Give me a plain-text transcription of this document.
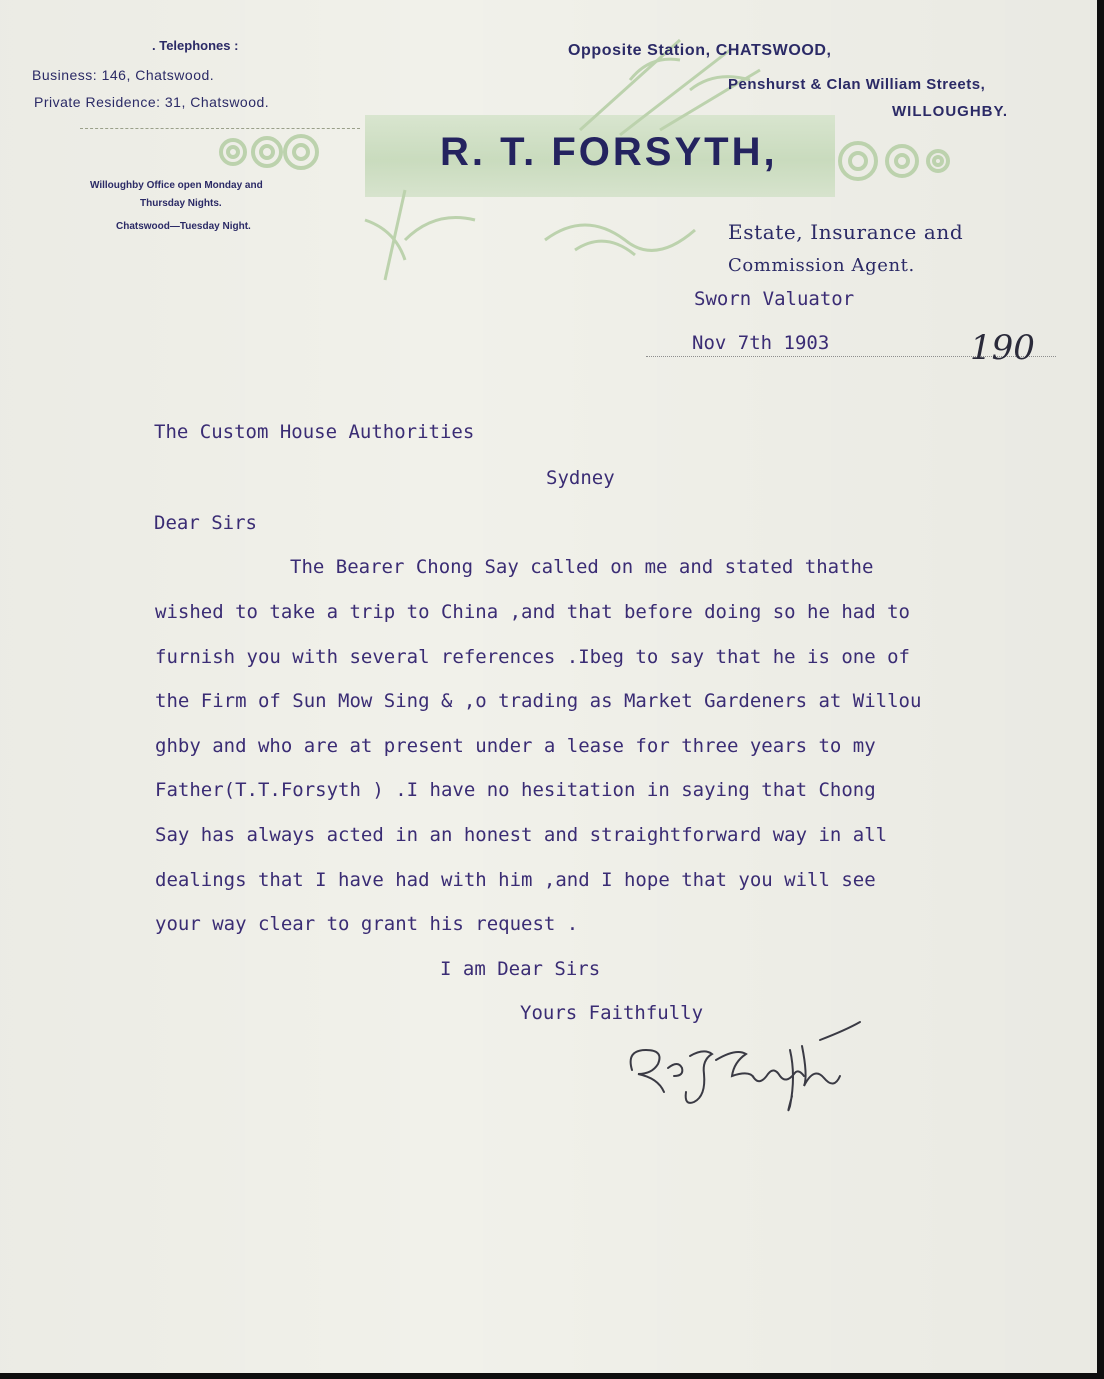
. Telephones :
Business: 146, Chatswood.
Private Residence: 31, Chatswood.
Willoughby Office open Monday and
Thursday Nights.
Chatswood—Tuesday Night.
R. T. FORSYTH,
Opposite Station, CHATSWOOD,
Penshurst & Clan William Streets,
WILLOUGHBY.
Estate, Insurance and
Commission Agent.
Sworn Valuator
Nov 7th 1903	190
The Custom House Authorities
Sydney
Dear Sirs
The Bearer Chong Say called on me and stated thathe
wished to take a trip to China ,and that before doing so he had to
furnish you with several references .Ibeg to say that he is one of
the Firm of Sun Mow Sing & ,o trading as Market Gardeners at Willou
ghby and who are at present under a lease for three years to my
Father(T.T.Forsyth ) .I have no hesitation in saying that Chong
Say has always acted in an honest and straightforward way in all
dealings that I have had with him ,and I hope that you will see
your way clear to grant his request .
I am Dear Sirs
Yours Faithfully
